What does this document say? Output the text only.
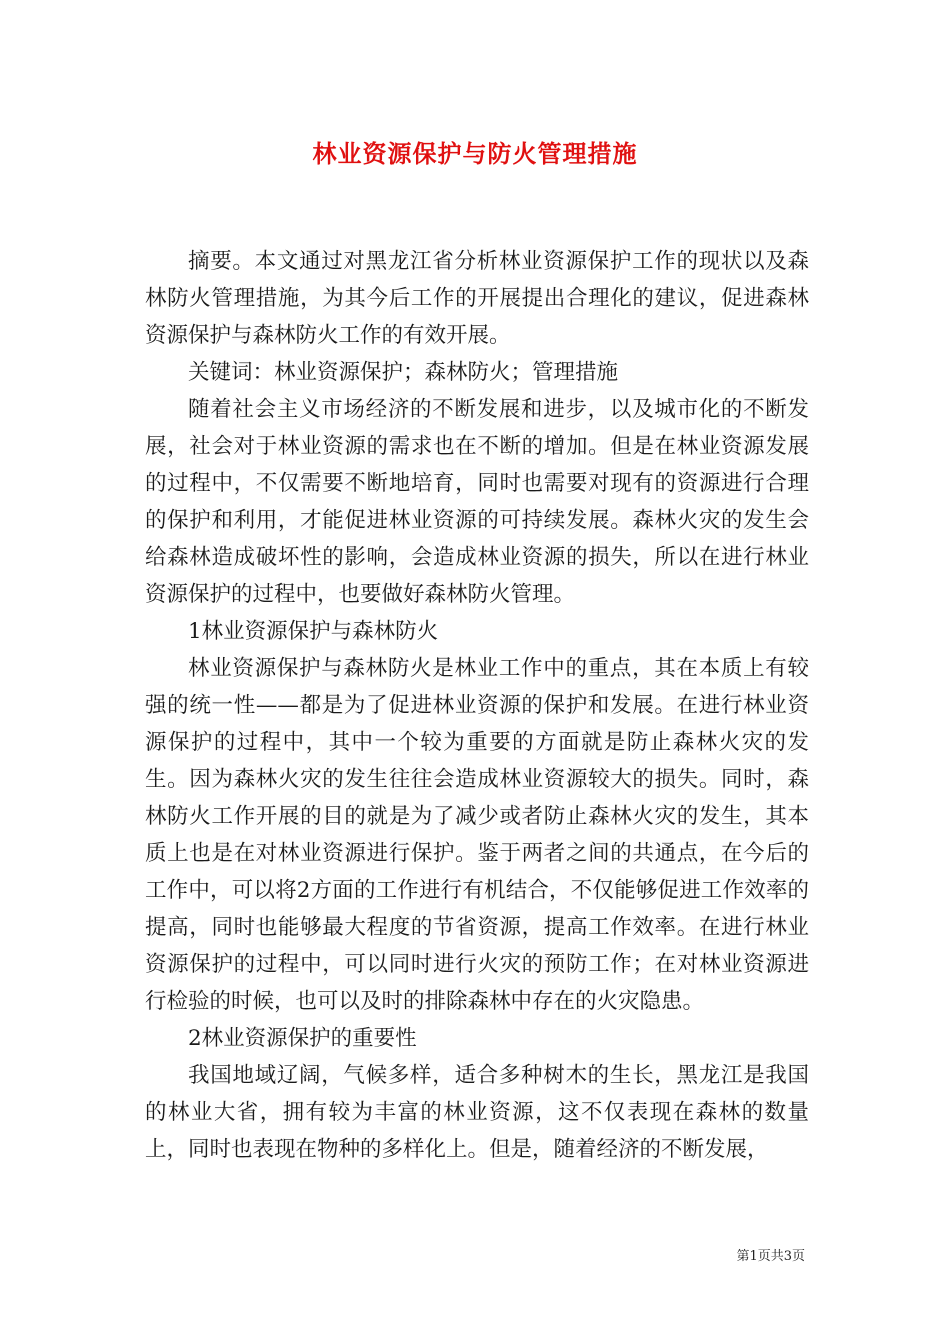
林业资源保护与防火管理措施

摘要。本文通过对黑龙江省分析林业资源保护工作的现状以及森林防火管理措施，为其今后工作的开展提出合理化的建议，促进森林资源保护与森林防火工作的有效开展。

关键词：林业资源保护；森林防火；管理措施

随着社会主义市场经济的不断发展和进步，以及城市化的不断发展，社会对于林业资源的需求也在不断的增加。但是在林业资源发展的过程中，不仅需要不断地培育，同时也需要对现有的资源进行合理的保护和利用，才能促进林业资源的可持续发展。森林火灾的发生会给森林造成破坏性的影响，会造成林业资源的损失，所以在进行林业资源保护的过程中，也要做好森林防火管理。

1林业资源保护与森林防火

林业资源保护与森林防火是林业工作中的重点，其在本质上有较强的统一性——都是为了促进林业资源的保护和发展。在进行林业资源保护的过程中，其中一个较为重要的方面就是防止森林火灾的发生。因为森林火灾的发生往往会造成林业资源较大的损失。同时，森林防火工作开展的目的就是为了减少或者防止森林火灾的发生，其本质上也是在对林业资源进行保护。鉴于两者之间的共通点，在今后的工作中，可以将2方面的工作进行有机结合，不仅能够促进工作效率的提高，同时也能够最大程度的节省资源，提高工作效率。在进行林业资源保护的过程中，可以同时进行火灾的预防工作；在对林业资源进行检验的时候，也可以及时的排除森林中存在的火灾隐患。

2林业资源保护的重要性

我国地域辽阔，气候多样，适合多种树木的生长，黑龙江是我国的林业大省，拥有较为丰富的林业资源，这不仅表现在森林的数量上，同时也表现在物种的多样化上。但是，随着经济的不断发展，

第1页共3页
